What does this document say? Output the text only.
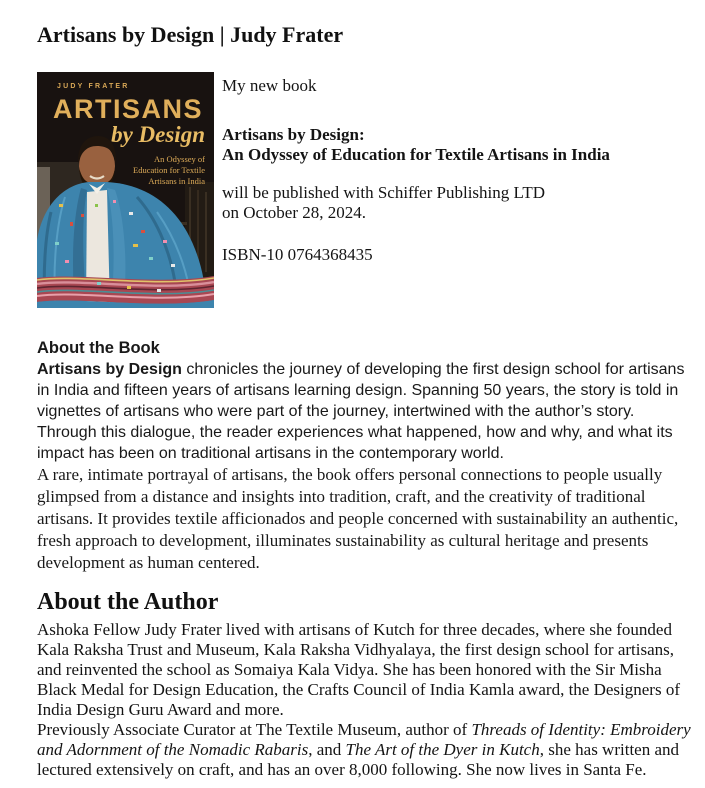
Artisans by Design | Judy Frater
JUDY FRATER
ARTISANS
by Design
An Odyssey of
Education for Textile
Artisans in India

My new book

Artisans by Design:
An Odyssey of Education for Textile Artisans in India

will be published with Schiffer Publishing LTD
on October 28, 2024.

ISBN-10 0764368435

About the Book

Artisans by Design chronicles the journey of developing the first design school for artisans in India and fifteen years of artisans learning design. Spanning 50 years, the story is told in vignettes of artisans who were part of the journey, intertwined with the author’s story. Through this dialogue, the reader experiences what happened, how and why, and what its impact has been on traditional artisans in the contemporary world.
A rare, intimate portrayal of artisans, the book offers personal connections to people usually glimpsed from a distance and insights into tradition, craft, and the creativity of traditional artisans. It provides textile afficionados and people concerned with sustainability an authentic, fresh approach to development, illuminates sustainability as cultural heritage and presents development as human centered.

About the Author

Ashoka Fellow Judy Frater lived with artisans of Kutch for three decades, where she founded Kala Raksha Trust and Museum, Kala Raksha Vidhyalaya, the first design school for artisans, and reinvented the school as Somaiya Kala Vidya. She has been honored with the Sir Misha Black Medal for Design Education, the Crafts Council of India Kamla award, the Designers of India Design Guru Award and more.

Previously Associate Curator at The Textile Museum, author of Threads of Identity: Embroidery and Adornment of the Nomadic Rabaris, and The Art of the Dyer in Kutch, she has written and lectured extensively on craft, and has an over 8,000 following. She now lives in Santa Fe.
